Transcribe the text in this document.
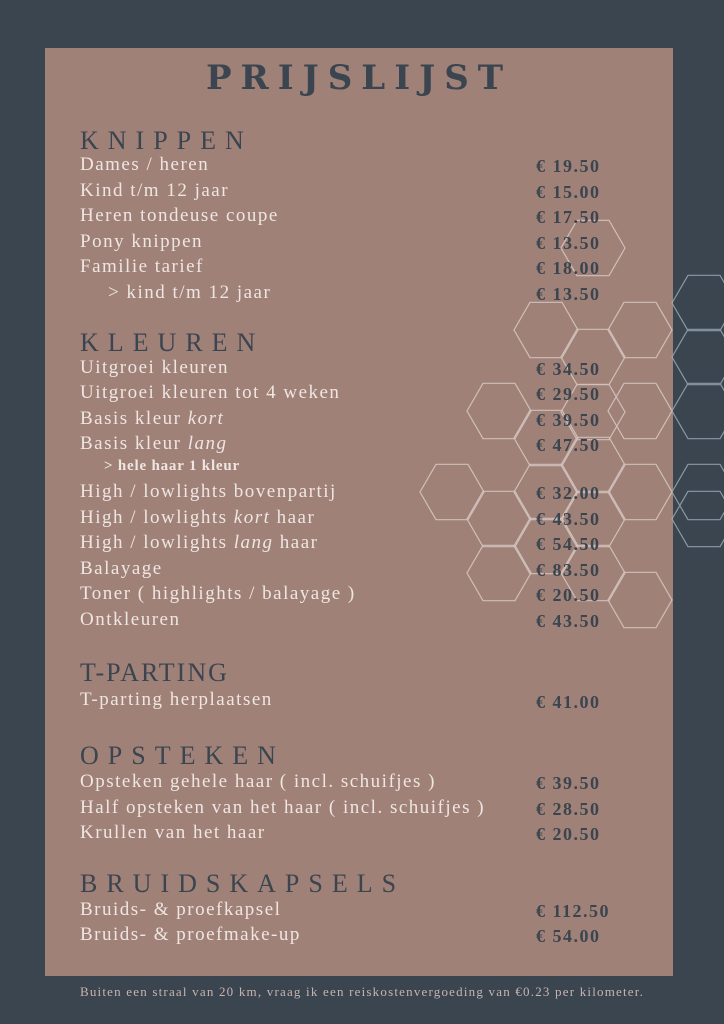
PRIJSLIJST
KNIPPEN
Dames / heren	€ 19.50
Kind t/m 12 jaar	€ 15.00
Heren tondeuse coupe	€ 17.50
Pony knippen	€ 13.50
Familie tarief	€ 18.00
> kind t/m 12 jaar	€ 13.50
KLEUREN
Uitgroei kleuren	€ 34.50
Uitgroei kleuren tot 4 weken	€ 29.50
Basis kleur kort	€ 39.50
Basis kleur lang	€ 47.50
> hele haar 1 kleur
High / lowlights bovenpartij	€ 32.00
High / lowlights kort haar	€ 43.50
High / lowlights lang haar	€ 54.50
Balayage	€ 83.50
Toner ( highlights / balayage )	€ 20.50
Ontkleuren	€ 43.50
T-PARTING
T-parting herplaatsen	€ 41.00
OPSTEKEN
Opsteken gehele haar ( incl. schuifjes )	€ 39.50
Half opsteken van het haar ( incl. schuifjes )	€ 28.50
Krullen van het haar	€ 20.50
BRUIDSKAPSELS
Bruids- & proefkapsel	€ 112.50
Bruids- & proefmake-up	€ 54.00
Buiten een straal van 20 km, vraag ik een reiskostenvergoeding van €0.23 per kilometer.
